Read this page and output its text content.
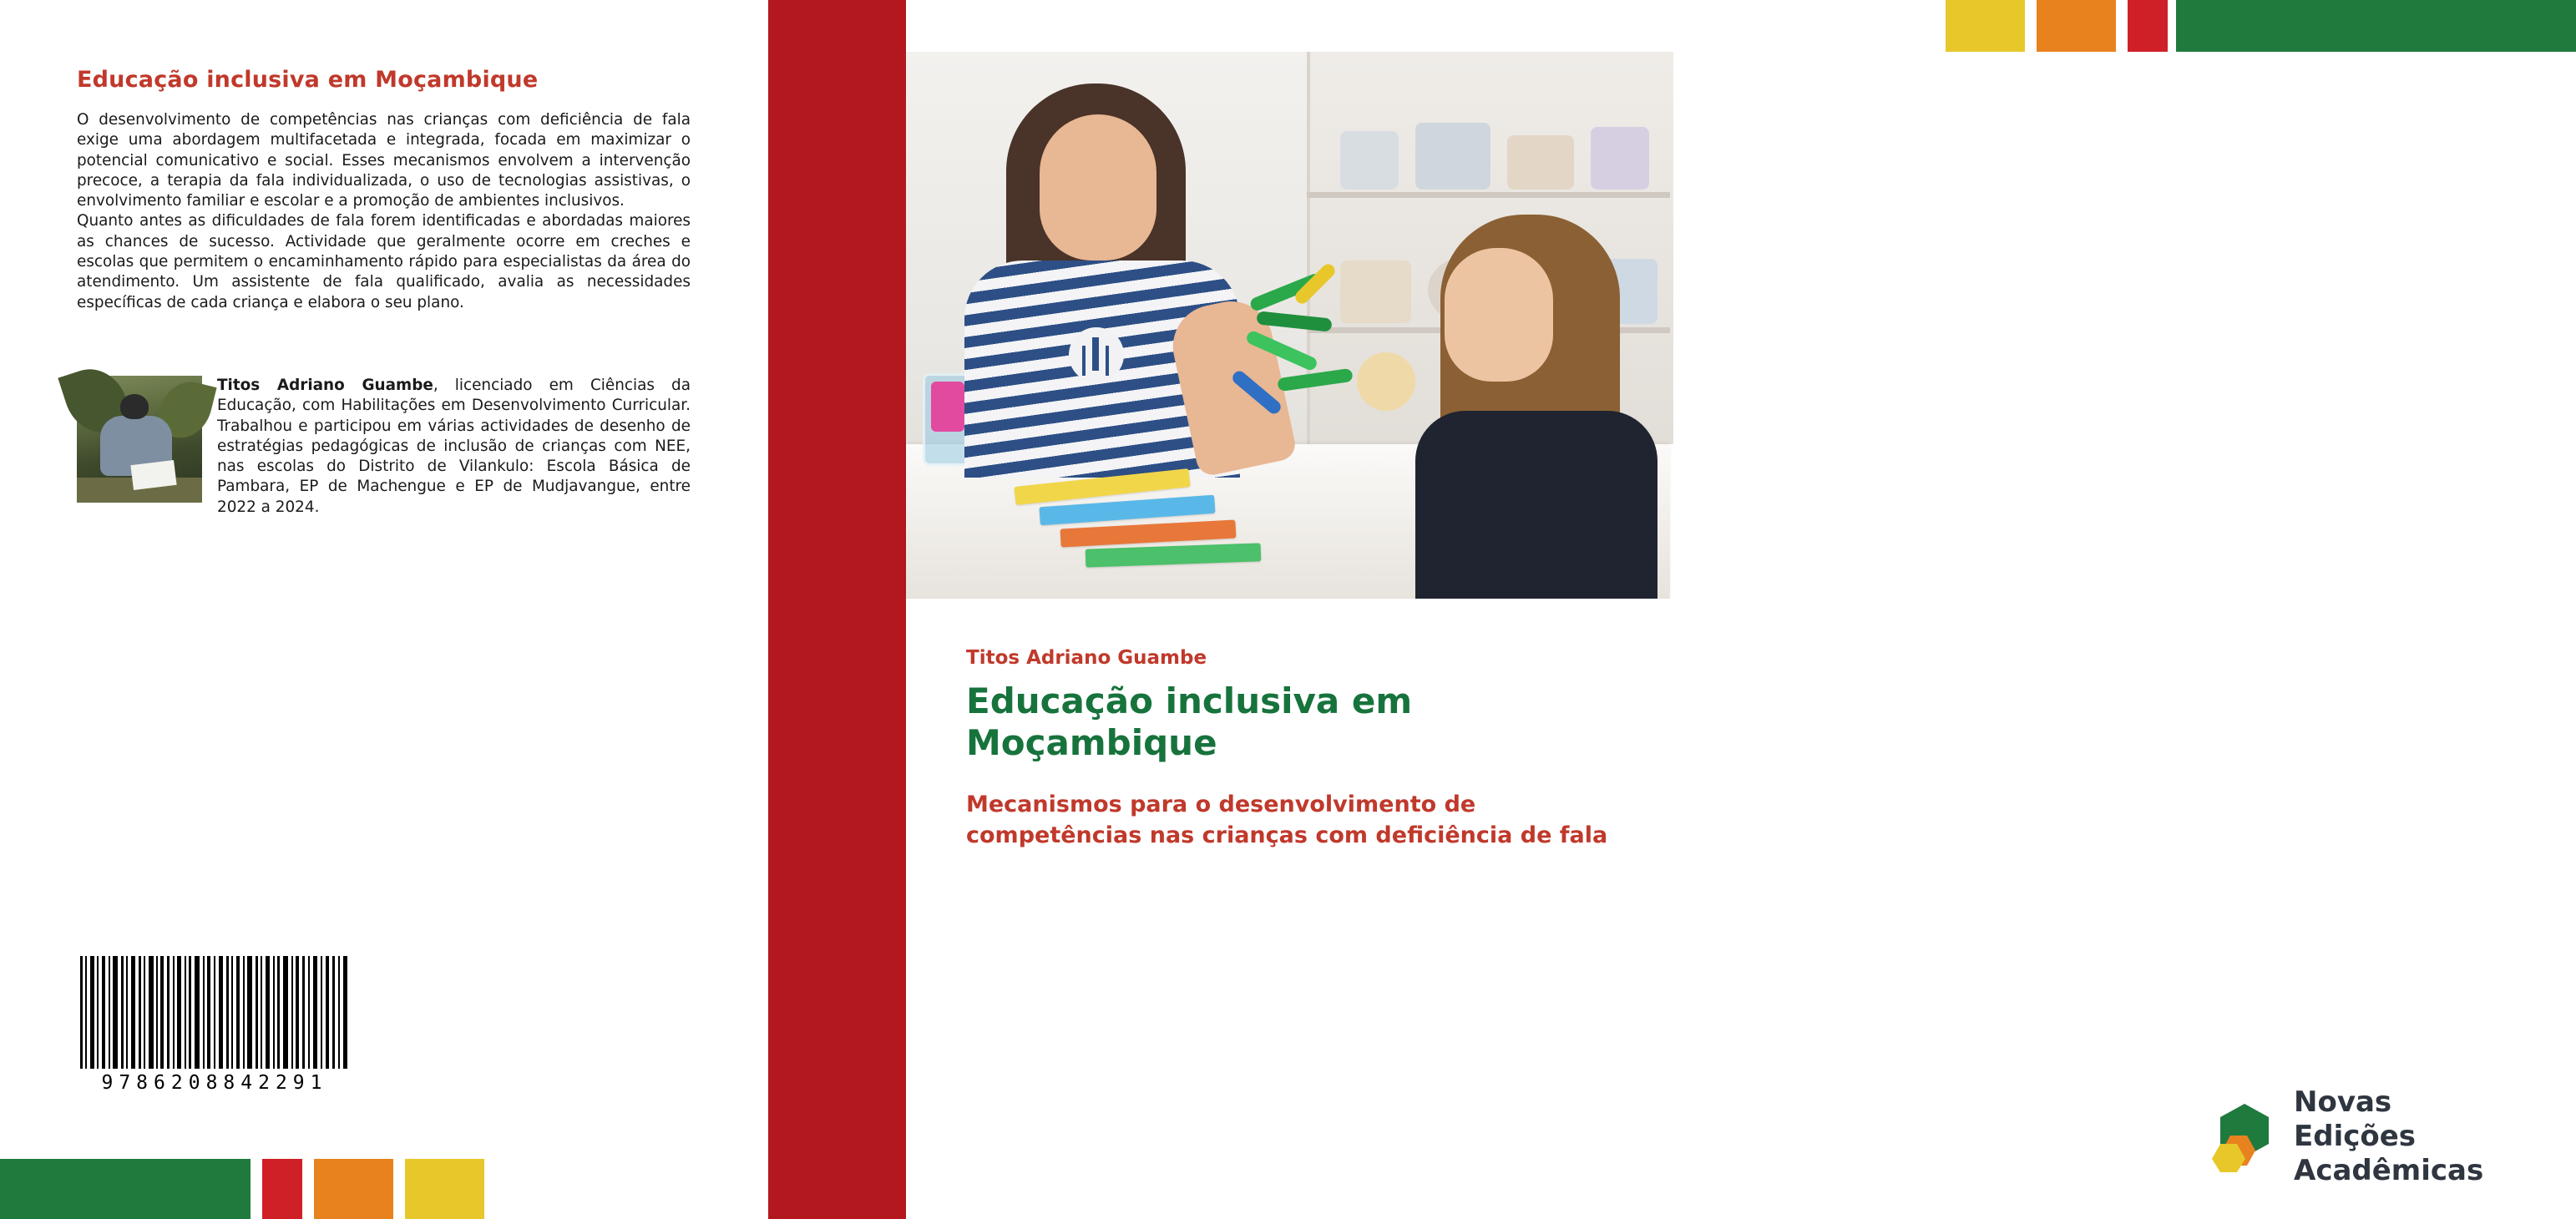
Educação inclusiva em Moçambique

O desenvolvimento de competências nas crianças com deficiência de fala exige uma abordagem multifacetada e integrada, focada em maximizar o potencial comunicativo e social. Esses mecanismos envolvem a intervenção precoce, a terapia da fala individualizada, o uso de tecnologias assistivas, o envolvimento familiar e escolar e a promoção de ambientes inclusivos.

Quanto antes as dificuldades de fala forem identificadas e abordadas maiores as chances de sucesso. Actividade que geralmente ocorre em creches e escolas que permitem o encaminhamento rápido para especialistas da área do atendimento. Um assistente de fala qualificado, avalia as necessidades específicas de cada criança e elabora o seu plano.

Titos Adriano Guambe, licenciado em Ciências da Educação, com Habilitações em Desenvolvimento Curricular. Trabalhou e participou em várias actividades de desenho de estratégias pedagógicas de inclusão de crianças com NEE, nas escolas do Distrito de Vilankulo: Escola Básica de Pambara, EP de Machengue e EP de Mudjavangue, entre 2022 a 2024.
9786208842291
Titos Adriano Guambe
Educação inclusiva em Moçambique
Mecanismos para o desenvolvimento de competências nas crianças com deficiência de fala
Novas Edições
Acadêmicas
